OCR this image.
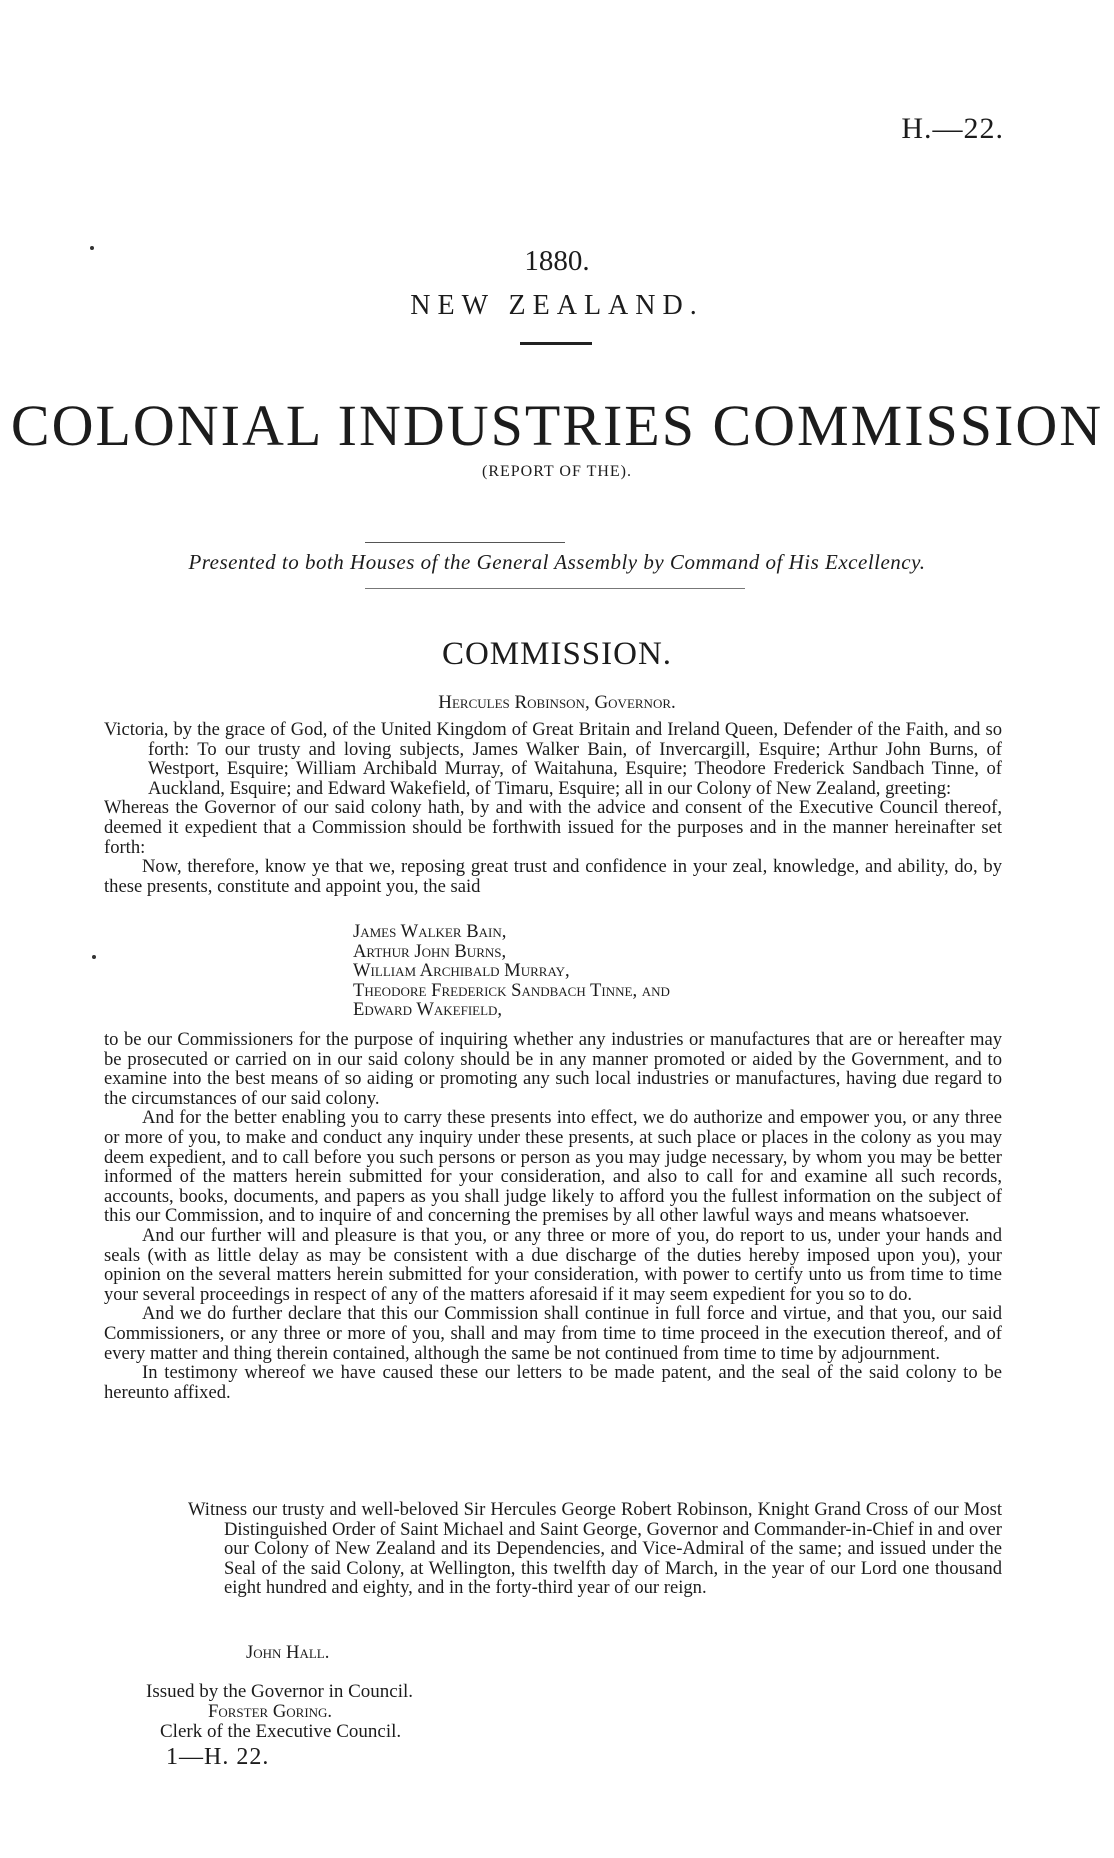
H.—22.
1880.
NEW ZEALAND.
COLONIAL INDUSTRIES COMMISSION
(REPORT OF THE).
Presented to both Houses of the General Assembly by Command of His Excellency.
COMMISSION.
Hercules Robinson, Governor.
Victoria, by the grace of God, of the United Kingdom of Great Britain and Ireland Queen, Defender of the Faith, and so forth: To our trusty and loving subjects, James Walker Bain, of Invercargill, Esquire; Arthur John Burns, of Westport, Esquire; William Archibald Murray, of Waitahuna, Esquire; Theodore Frederick Sandbach Tinne, of Auckland, Esquire; and Edward Wakefield, of Timaru, Esquire; all in our Colony of New Zealand, greeting:
Whereas the Governor of our said colony hath, by and with the advice and consent of the Executive Council thereof, deemed it expedient that a Commission should be forthwith issued for the purposes and in the manner hereinafter set forth:
Now, therefore, know ye that we, reposing great trust and confidence in your zeal, knowledge, and ability, do, by these presents, constitute and appoint you, the said
James Walker Bain,
Arthur John Burns,
William Archibald Murray,
Theodore Frederick Sandbach Tinne, and
Edward Wakefield,
to be our Commissioners for the purpose of inquiring whether any industries or manufactures that are or hereafter may be prosecuted or carried on in our said colony should be in any manner promoted or aided by the Government, and to examine into the best means of so aiding or promoting any such local industries or manufactures, having due regard to the circumstances of our said colony.
And for the better enabling you to carry these presents into effect, we do authorize and empower you, or any three or more of you, to make and conduct any inquiry under these presents, at such place or places in the colony as you may deem expedient, and to call before you such persons or person as you may judge necessary, by whom you may be better informed of the matters herein submitted for your consideration, and also to call for and examine all such records, accounts, books, documents, and papers as you shall judge likely to afford you the fullest information on the subject of this our Commission, and to inquire of and concerning the premises by all other lawful ways and means whatsoever.
And our further will and pleasure is that you, or any three or more of you, do report to us, under your hands and seals (with as little delay as may be consistent with a due discharge of the duties hereby imposed upon you), your opinion on the several matters herein submitted for your consideration, with power to certify unto us from time to time your several proceedings in respect of any of the matters aforesaid if it may seem expedient for you so to do.
And we do further declare that this our Commission shall continue in full force and virtue, and that you, our said Commissioners, or any three or more of you, shall and may from time to time proceed in the execution thereof, and of every matter and thing therein contained, although the same be not continued from time to time by adjournment.
In testimony whereof we have caused these our letters to be made patent, and the seal of the said colony to be hereunto affixed.
Witness our trusty and well-beloved Sir Hercules George Robert Robinson, Knight Grand Cross of our Most Distinguished Order of Saint Michael and Saint George, Governor and Commander-in-Chief in and over our Colony of New Zealand and its Dependencies, and Vice-Admiral of the same; and issued under the Seal of the said Colony, at Wellington, this twelfth day of March, in the year of our Lord one thousand eight hundred and eighty, and in the forty-third year of our reign.
John Hall.
Issued by the Governor in Council.
Forster Goring.
Clerk of the Executive Council.
1—H. 22.
